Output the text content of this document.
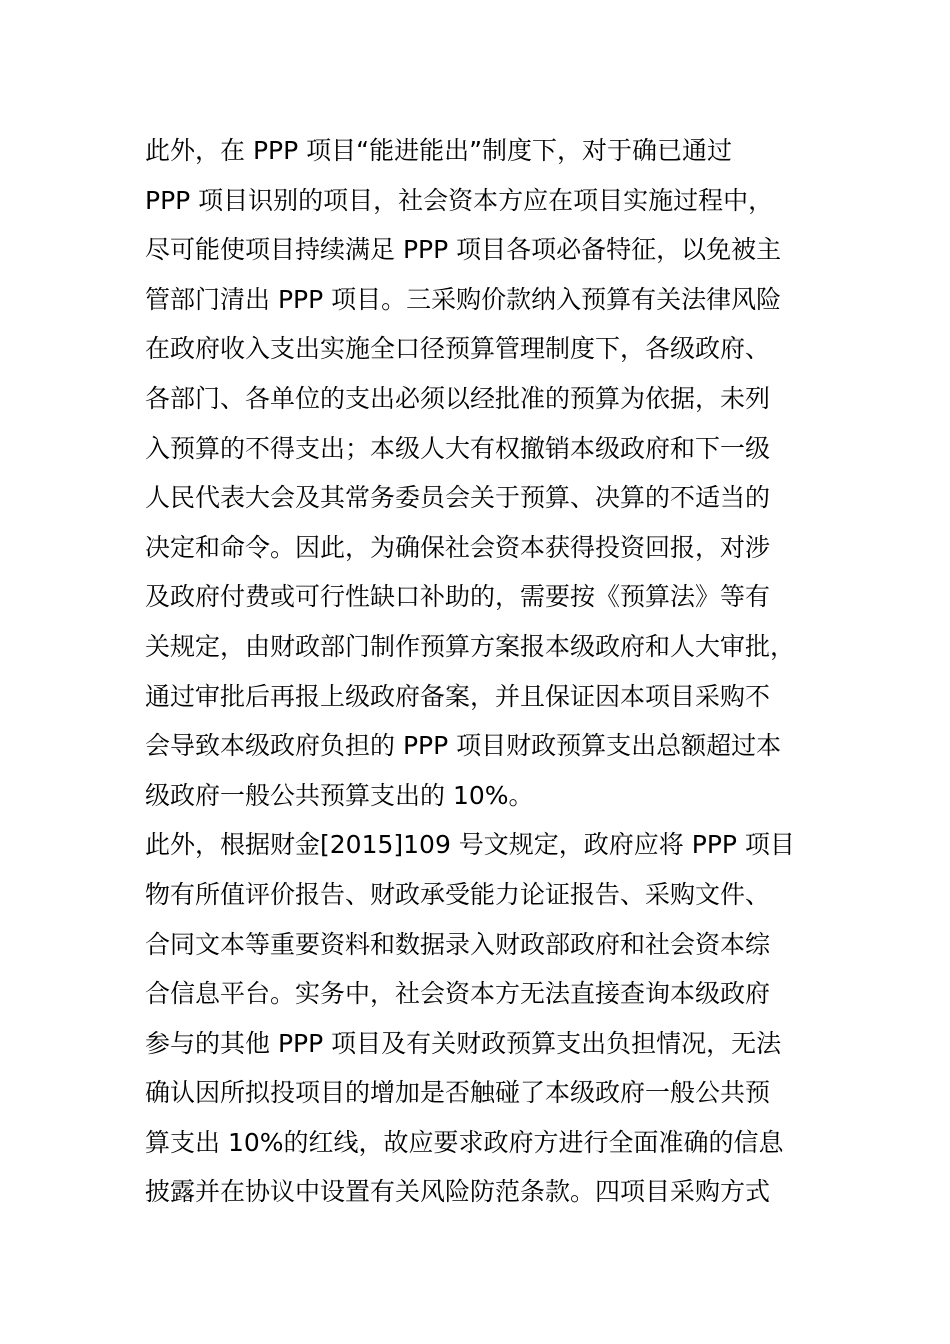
此外，在 PPP 项目“能进能出”制度下，对于确已通过
PPP 项目识别的项目，社会资本方应在项目实施过程中，
尽可能使项目持续满足 PPP 项目各项必备特征，以免被主
管部门清出 PPP 项目。三采购价款纳入预算有关法律风险
在政府收入支出实施全口径预算管理制度下，各级政府、
各部门、各单位的支出必须以经批准的预算为依据，未列
入预算的不得支出；本级人大有权撤销本级政府和下一级
人民代表大会及其常务委员会关于预算、决算的不适当的
决定和命令。因此，为确保社会资本获得投资回报，对涉
及政府付费或可行性缺口补助的，需要按《预算法》等有
关规定，由财政部门制作预算方案报本级政府和人大审批，
通过审批后再报上级政府备案，并且保证因本项目采购不
会导致本级政府负担的 PPP 项目财政预算支出总额超过本
级政府一般公共预算支出的 10%。
此外，根据财金[2015]109 号文规定，政府应将 PPP 项目
物有所值评价报告、财政承受能力论证报告、采购文件、
合同文本等重要资料和数据录入财政部政府和社会资本综
合信息平台。实务中，社会资本方无法直接查询本级政府
参与的其他 PPP 项目及有关财政预算支出负担情况，无法
确认因所拟投项目的增加是否触碰了本级政府一般公共预
算支出 10%的红线，故应要求政府方进行全面准确的信息
披露并在协议中设置有关风险防范条款。四项目采购方式
